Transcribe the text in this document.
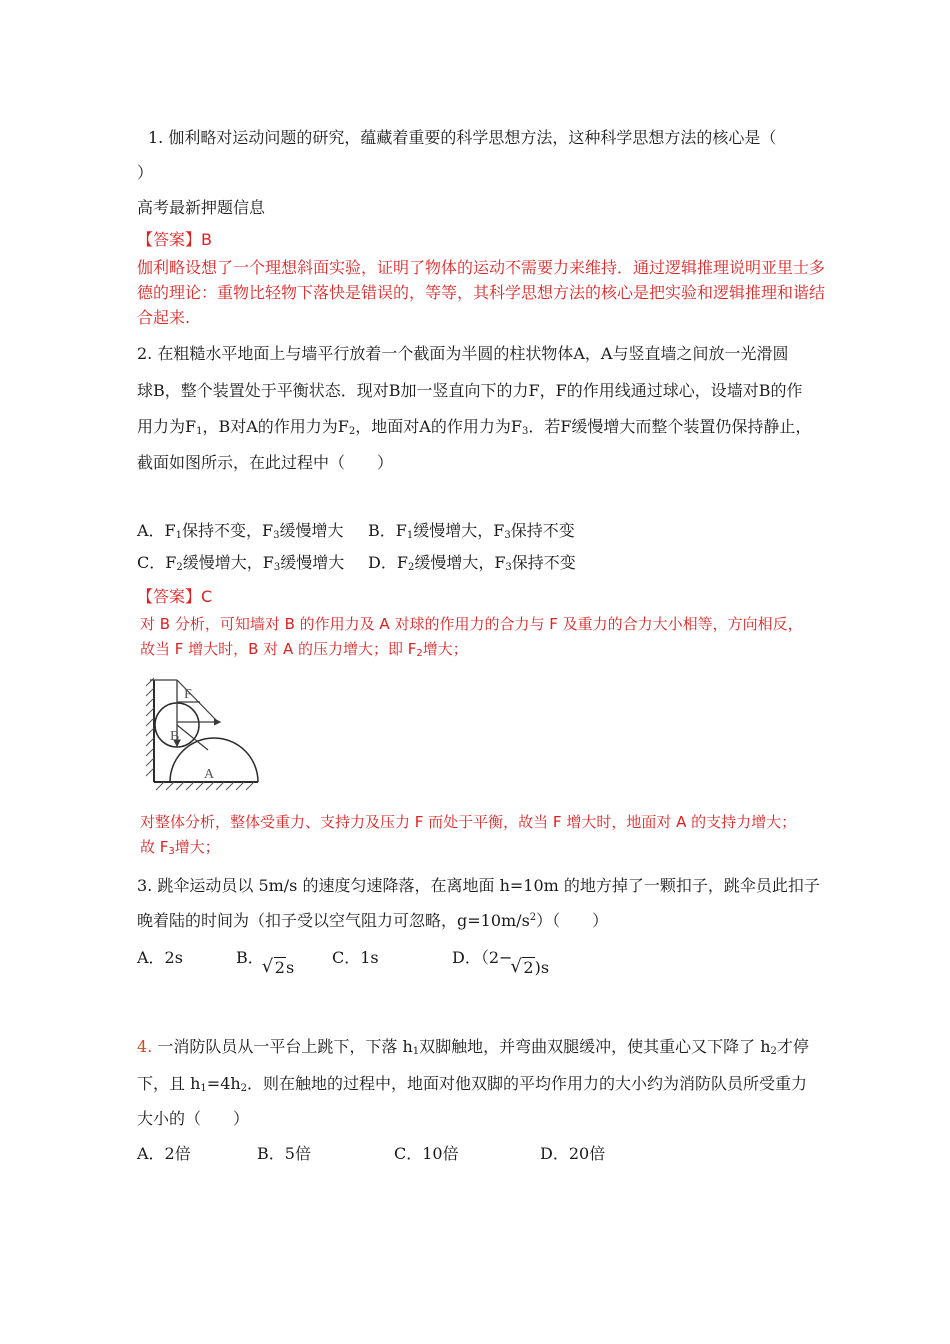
1. 伽利略对运动问题的研究，蕴藏着重要的科学思想方法，这种科学思想方法的核心是（
）
高考最新押题信息
【答案】B
伽利略设想了一个理想斜面实验，证明了物体的运动不需要力来维持．通过逻辑推理说明亚里士多
德的理论：重物比轻物下落快是错误的，等等，其科学思想方法的核心是把实验和逻辑推理和谐结
合起来.
2. 在粗糙水平地面上与墙平行放着一个截面为半圆的柱状物体A，A与竖直墙之间放一光滑圆
球B，整个装置处于平衡状态．现对B加一竖直向下的力F，F的作用线通过球心，设墙对B的作
用力为$F_1$，B对A的作用力为$F_2$，地面对A的作用力为$F_3$．若F缓慢增大而整个装置仍保持静止，
截面如图所示，在此过程中（　　）
A．$F_1$保持不变，$F_3$缓慢增大 B．$F_1$缓慢增大，$F_3$保持不变
C．$F_2$缓慢增大，$F_3$缓慢增大 D．$F_2$缓慢增大，$F_3$保持不变
【答案】C
对 B 分析，可知墙对 B 的作用力及 A 对球的作用力的合力与 F 及重力的合力大小相等，方向相反，
故当 F 增大时，B 对 A 的压力增大；即 $F_2$增大；
F
B
A
对整体分析，整体受重力、支持力及压力 F 而处于平衡，故当 F 增大时，地面对 A 的支持力增大；
故 $F_3$增大；
3. 跳伞运动员以 5m/s 的速度匀速降落，在离地面 h=10m 的地方掉了一颗扣子，跳伞员此扣子
晚着陆的时间为（扣子受以空气阻力可忽略，$g=10m/s^2$）（　　）
A．2s	B．√ 2s
C．1s	D．（2−√ 2)s
4. 一消防队员从一平台上跳下，下落 $h_1$双脚触地，并弯曲双腿缓冲，使其重心又下降了 $h_2$才停
下，且 $h_1=4h_2$．则在触地的过程中，地面对他双脚的平均作用力的大小约为消防队员所受重力
大小的（　　）
A．2倍	B．5倍	C．10倍	D．20倍
